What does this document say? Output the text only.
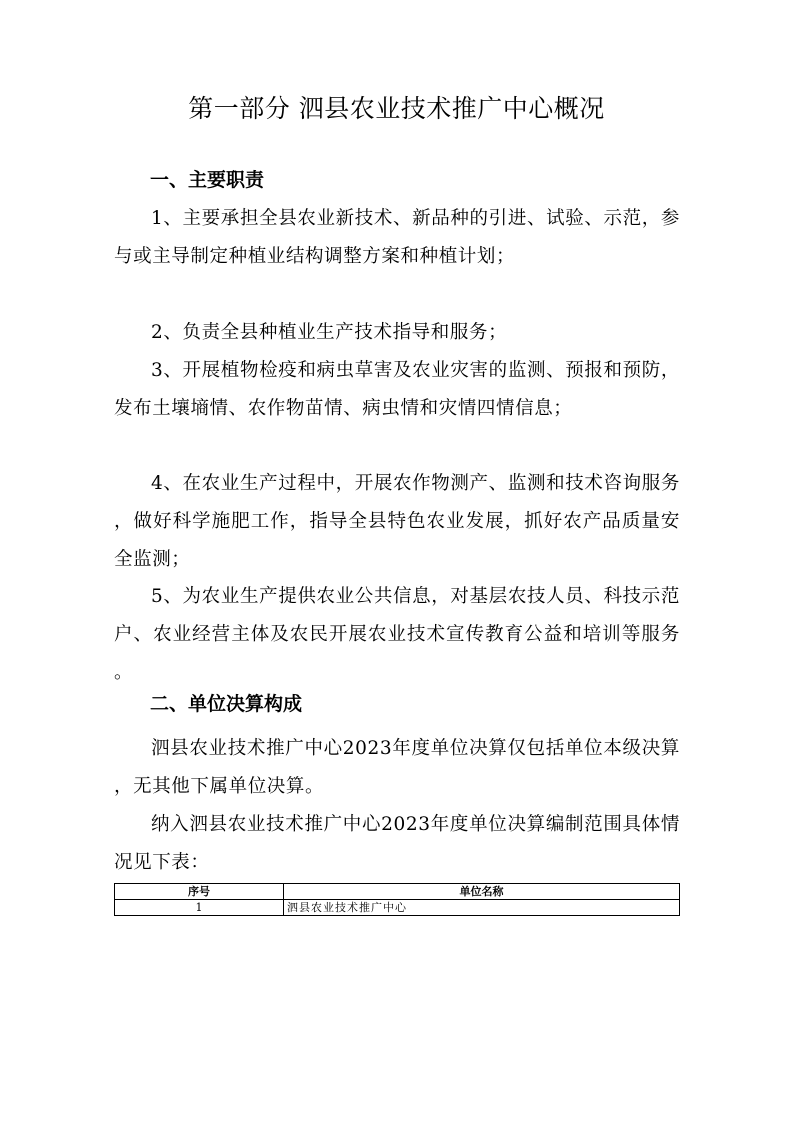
第一部分 泗县农业技术推广中心概况
一、主要职责
1、主要承担全县农业新技术、新品种的引进、试验、示范，参与或主导制定种植业结构调整方案和种植计划；
2、负责全县种植业生产技术指导和服务；
3、开展植物检疫和病虫草害及农业灾害的监测、预报和预防，发布土壤墒情、农作物苗情、病虫情和灾情四情信息；
4、在农业生产过程中，开展农作物测产、监测和技术咨询服务，做好科学施肥工作，指导全县特色农业发展，抓好农产品质量安全监测；
5、为农业生产提供农业公共信息，对基层农技人员、科技示范户、农业经营主体及农民开展农业技术宣传教育公益和培训等服务。
二、单位决算构成
泗县农业技术推广中心2023年度单位决算仅包括单位本级决算，无其他下属单位决算。
纳入泗县农业技术推广中心2023年度单位决算编制范围具体情况见下表：
序号	单位名称
1	泗县农业技术推广中心
